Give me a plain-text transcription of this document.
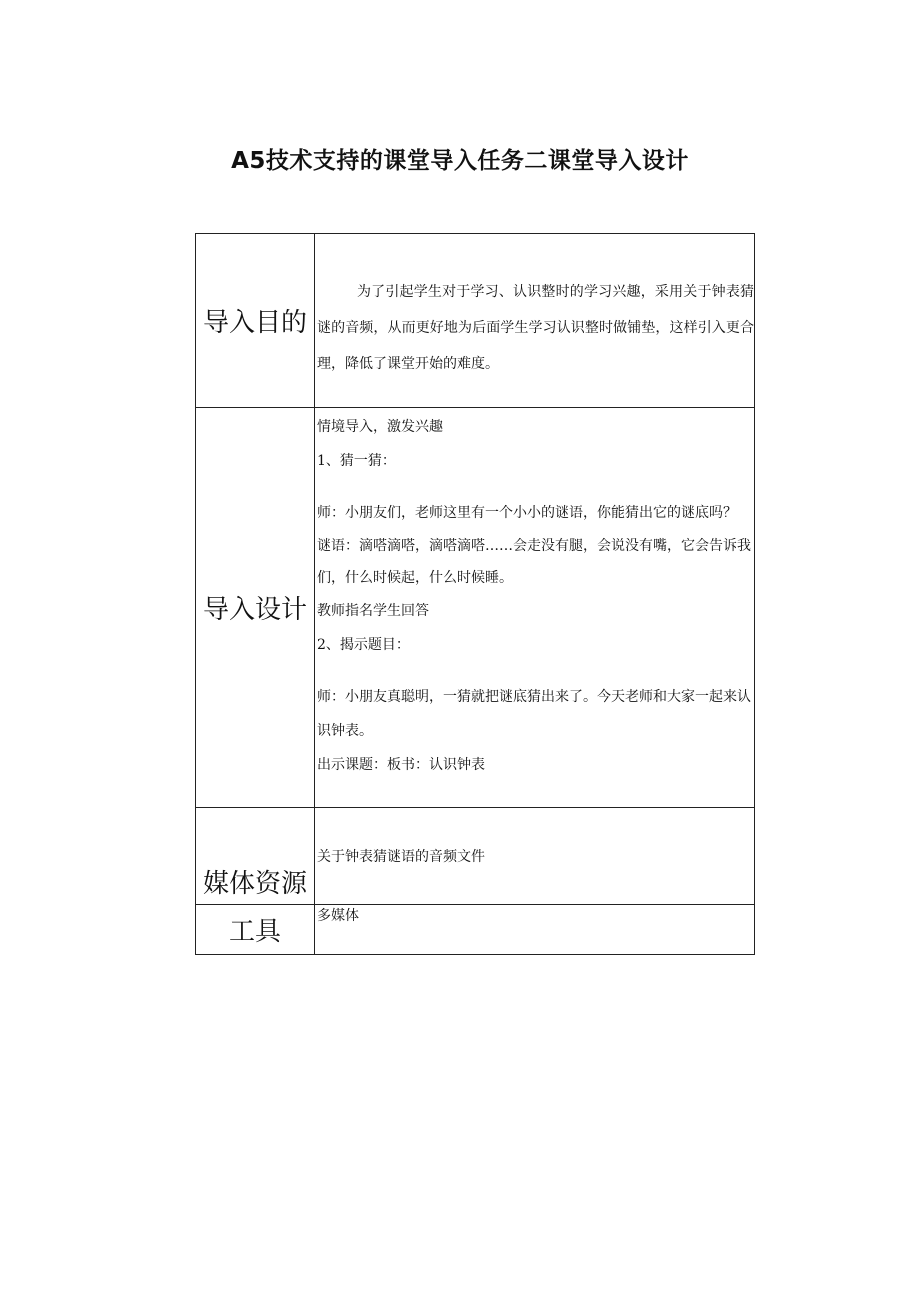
A5技术支持的课堂导入任务二课堂导入设计
导入目的

为了引起学生对于学习、认识整时的学习兴趣，采用关于钟表猜谜的音频，从而更好地为后面学生学习认识整时做铺垫，这样引入更合理，降低了课堂开始的难度。

导入设计

情境导入，激发兴趣

1、猜一猜：

师：小朋友们，老师这里有一个小小的谜语，你能猜出它的谜底吗？

谜语：滴嗒滴嗒，滴嗒滴嗒……会走没有腿，会说没有嘴，它会告诉我们，什么时候起，什么时候睡。

教师指名学生回答

2、揭示题目：

师：小朋友真聪明，一猜就把谜底猜出来了。今天老师和大家一起来认识钟表。

出示课题：板书：认识钟表

媒体资源

关于钟表猜谜语的音频文件

工具

多媒体
